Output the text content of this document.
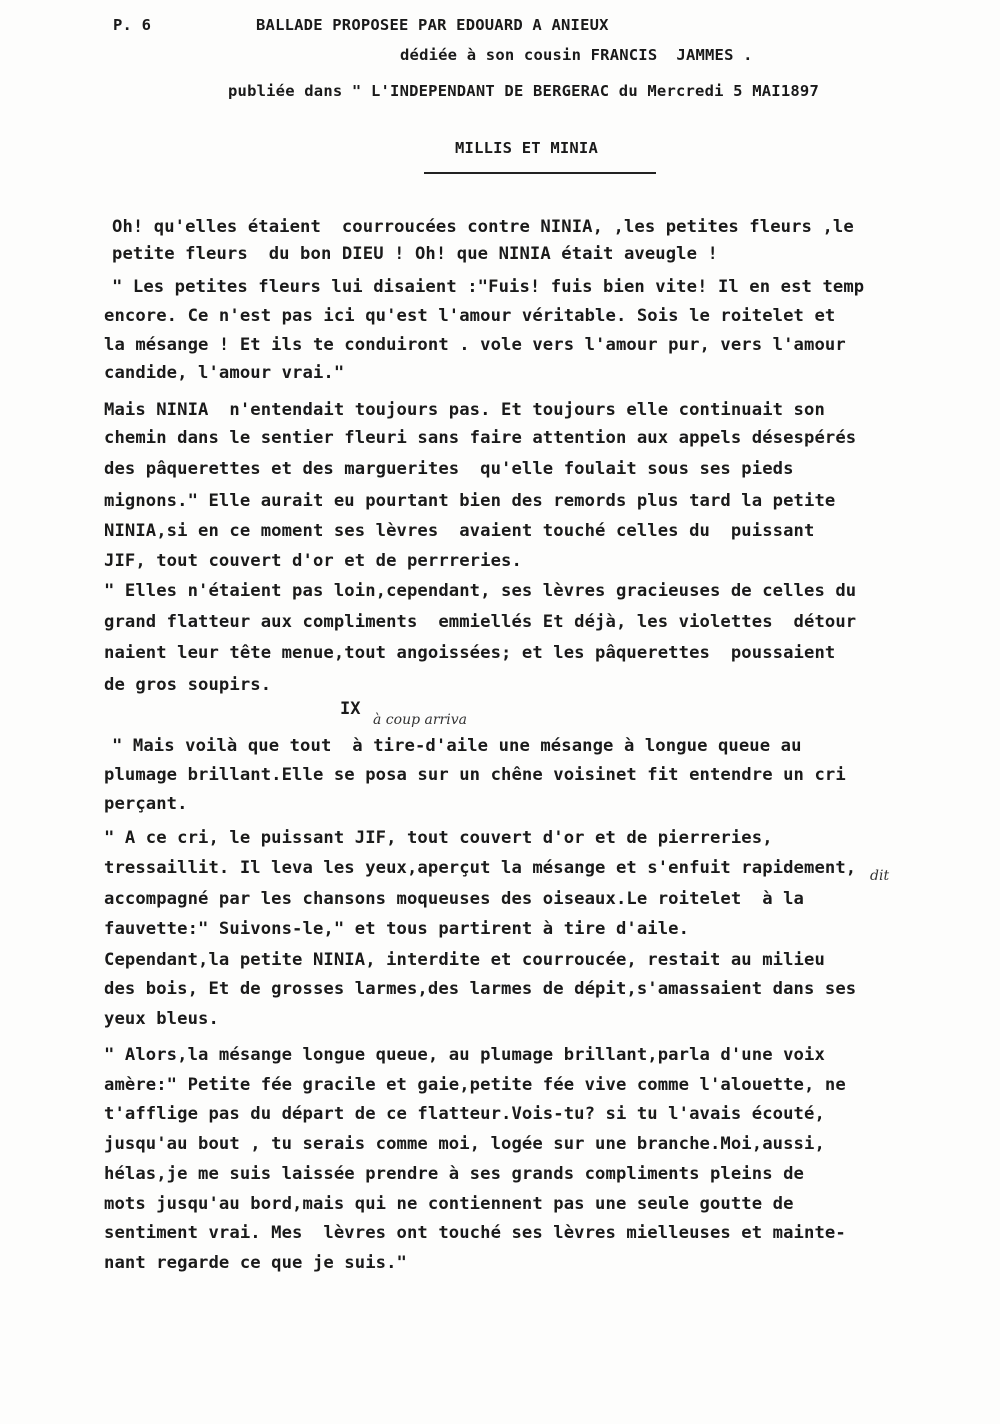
P. 6	BALLADE PROPOSEE PAR EDOUARD A ANIEUX
dédiée à son cousin FRANCIS  JAMMES .
publiée dans " L'INDEPENDANT DE BERGERAC du Mercredi 5 MAI1897
MILLIS ET MINIA
Oh! qu'elles étaient  courroucées contre NINIA, ,les petites fleurs ,le
petite fleurs  du bon DIEU ! Oh! que NINIA était aveugle !
" Les petites fleurs lui disaient :"Fuis! fuis bien vite! Il en est temp
encore. Ce n'est pas ici qu'est l'amour véritable. Sois le roitelet et
la mésange ! Et ils te conduiront . vole vers l'amour pur, vers l'amour
candide, l'amour vrai."
Mais NINIA  n'entendait toujours pas. Et toujours elle continuait son
chemin dans le sentier fleuri sans faire attention aux appels désespérés
des pâquerettes et des marguerites  qu'elle foulait sous ses pieds
mignons." Elle aurait eu pourtant bien des remords plus tard la petite
NINIA,si en ce moment ses lèvres  avaient touché celles du  puissant
JIF, tout couvert d'or et de perrreries.
" Elles n'étaient pas loin,cependant, ses lèvres gracieuses de celles du
grand flatteur aux compliments  emmiellés Et déjà, les violettes  détour
naient leur tête menue,tout angoissées; et les pâquerettes  poussaient
de gros soupirs.
IX
à coup arriva
" Mais voilà que tout  à tire-d'aile une mésange à longue queue au
plumage brillant.Elle se posa sur un chêne voisinet fit entendre un cri
perçant.
" A ce cri, le puissant JIF, tout couvert d'or et de pierreries,
tressaillit. Il leva les yeux,aperçut la mésange et s'enfuit rapidement, dit
accompagné par les chansons moqueuses des oiseaux.Le roitelet  à la
fauvette:" Suivons-le," et tous partirent à tire d'aile.
Cependant,la petite NINIA, interdite et courroucée, restait au milieu
des bois, Et de grosses larmes,des larmes de dépit,s'amassaient dans ses
yeux bleus.
" Alors,la mésange longue queue, au plumage brillant,parla d'une voix
amère:" Petite fée gracile et gaie,petite fée vive comme l'alouette, ne
t'afflige pas du départ de ce flatteur.Vois-tu? si tu l'avais écouté,
jusqu'au bout , tu serais comme moi, logée sur une branche.Moi,aussi,
hélas,je me suis laissée prendre à ses grands compliments pleins de
mots jusqu'au bord,mais qui ne contiennent pas une seule goutte de
sentiment vrai. Mes  lèvres ont touché ses lèvres mielleuses et mainte-
nant regarde ce que je suis."
